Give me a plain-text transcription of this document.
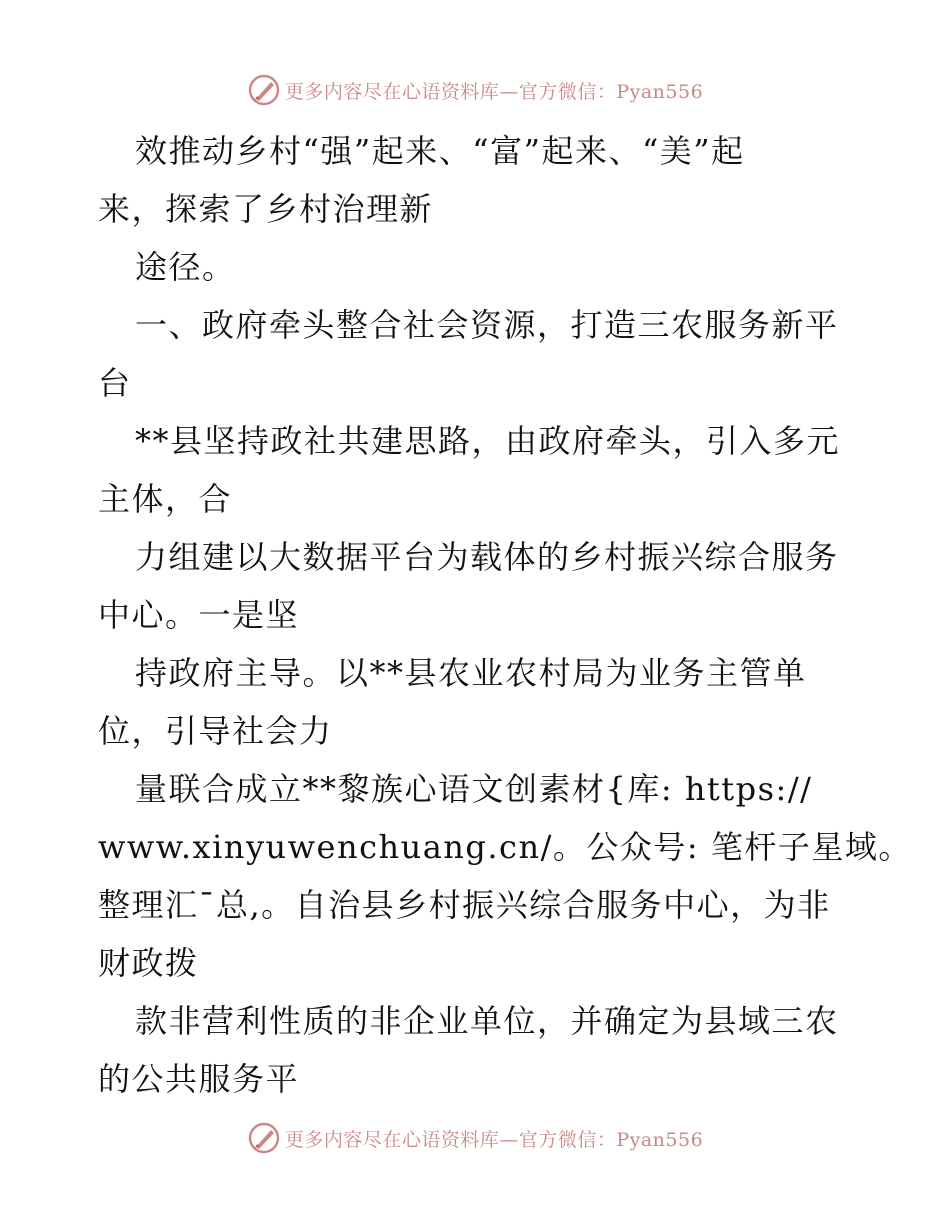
更多内容尽在心语资料库—官方微信：Pyan556
效推动乡村“强”起来、“富”起来、“美”起
来，探索了乡村治理新
途径。
一、政府牵头整合社会资源，打造三农服务新平
台
**县坚持政社共建思路，由政府牵头，引入多元
主体，合
力组建以大数据平台为载体的乡村振兴综合服务
中心。一是坚
持政府主导。以**县农业农村局为业务主管单
位，引导社会力
量联合成立**黎族心语文创素材{库: https://
www.xinyuwenchuang.cn/。公众号: 笔杆子星域。
整理汇¯总,。自治县乡村振兴综合服务中心，为非
财政拨
款非营利性质的非企业单位，并确定为县域三农
的公共服务平
更多内容尽在心语资料库—官方微信：Pyan556
